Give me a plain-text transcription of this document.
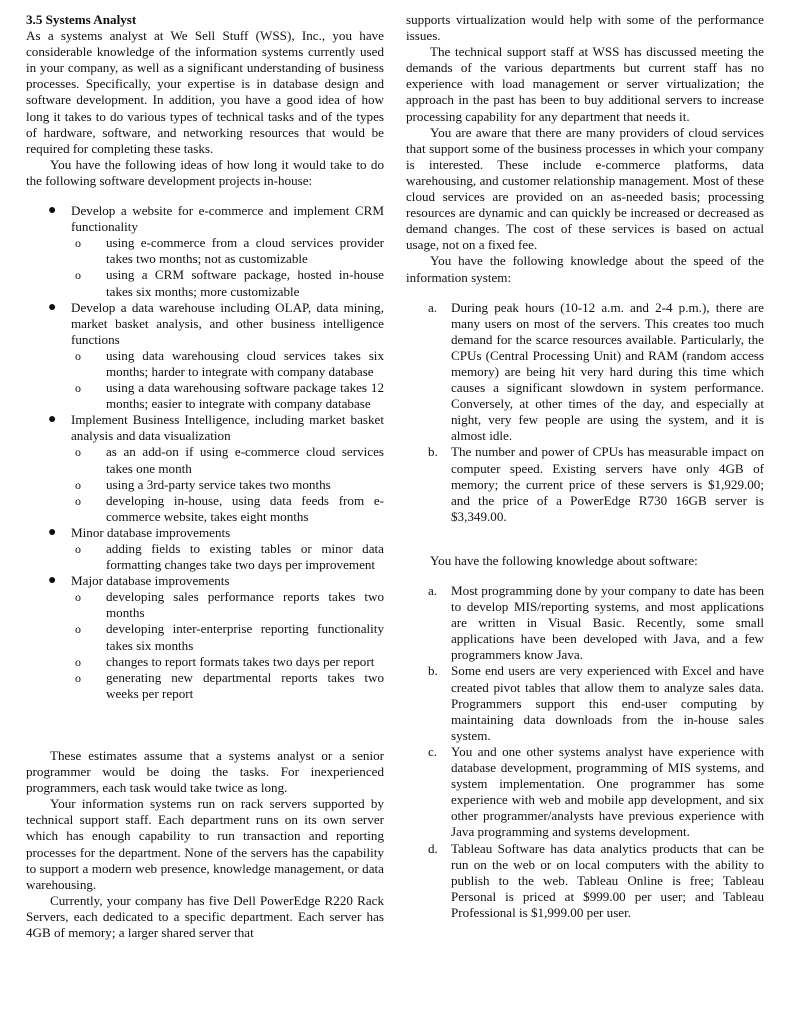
3.5 Systems Analyst

As a systems analyst at We Sell Stuff (WSS), Inc., you have considerable knowledge of the information systems currently used in your company, as well as a significant understanding of business processes. Specifically, your expertise is in database design and software development. In addition, you have a good idea of how long it takes to do various types of technical tasks and of the types of hardware, software, and networking resources that would be required for completing these tasks.

You have the following ideas of how long it would take to do the following software development projects in-house:

● Develop a website for e-commerce and implement CRM functionality
o using e-commerce from a cloud services provider takes two months; not as customizable
o using a CRM software package, hosted in-house takes six months; more customizable
● Develop a data warehouse including OLAP, data mining, market basket analysis, and other business intelligence functions
o using data warehousing cloud services takes six months; harder to integrate with company database
o using a data warehousing software package takes 12 months; easier to integrate with company database
● Implement Business Intelligence, including market basket analysis and data visualization
o as an add-on if using e-commerce cloud services takes one month
o using a 3rd-party service takes two months
o developing in-house, using data feeds from e-commerce website, takes eight months
● Minor database improvements
o adding fields to existing tables or minor data formatting changes take two days per improvement
● Major database improvements
o developing sales performance reports takes two months
o developing inter-enterprise reporting functionality takes six months
o changes to report formats takes two days per report
o generating new departmental reports takes two weeks per report

These estimates assume that a systems analyst or a senior programmer would be doing the tasks. For inexperienced programmers, each task would take twice as long.

Your information systems run on rack servers supported by technical support staff. Each department runs on its own server which has enough capability to run transaction and reporting processes for the department. None of the servers has the capability to support a modern web presence, knowledge management, or data warehousing.

Currently, your company has five Dell PowerEdge R220 Rack Servers, each dedicated to a specific department. Each server has 4GB of memory; a larger shared server that

supports virtualization would help with some of the performance issues.

The technical support staff at WSS has discussed meeting the demands of the various departments but current staff has no experience with load management or server virtualization; the approach in the past has been to buy additional servers to increase processing capability for any department that needs it.

You are aware that there are many providers of cloud services that support some of the business processes in which your company is interested. These include e-commerce platforms, data warehousing, and customer relationship management. Most of these cloud services are provided on an as-needed basis; processing resources are dynamic and can quickly be increased or decreased as demand changes. The cost of these services is based on actual usage, not on a fixed fee.

You have the following knowledge about the speed of the information system:

a. During peak hours (10-12 a.m. and 2-4 p.m.), there are many users on most of the servers. This creates too much demand for the scarce resources available. Particularly, the CPUs (Central Processing Unit) and RAM (random access memory) are being hit very hard during this time which causes a significant slowdown in system performance. Conversely, at other times of the day, and especially at night, very few people are using the system, and it is almost idle.
b. The number and power of CPUs has measurable impact on computer speed. Existing servers have only 4GB of memory; the current price of these servers is $1,929.00; and the price of a PowerEdge R730 16GB server is $3,349.00.

You have the following knowledge about software:

a. Most programming done by your company to date has been to develop MIS/reporting systems, and most applications are written in Visual Basic. Recently, some small applications have been developed with Java, and a few programmers know Java.
b. Some end users are very experienced with Excel and have created pivot tables that allow them to analyze sales data. Programmers support this end-user computing by maintaining data downloads from the in-house sales system.
c. You and one other systems analyst have experience with database development, programming of MIS systems, and system implementation. One programmer has some experience with web and mobile app development, and six other programmer/analysts have previous experience with Java programming and systems development.
d. Tableau Software has data analytics products that can be run on the web or on local computers with the ability to publish to the web. Tableau Online is free; Tableau Personal is priced at $999.00 per user; and Tableau Professional is $1,999.00 per user.
